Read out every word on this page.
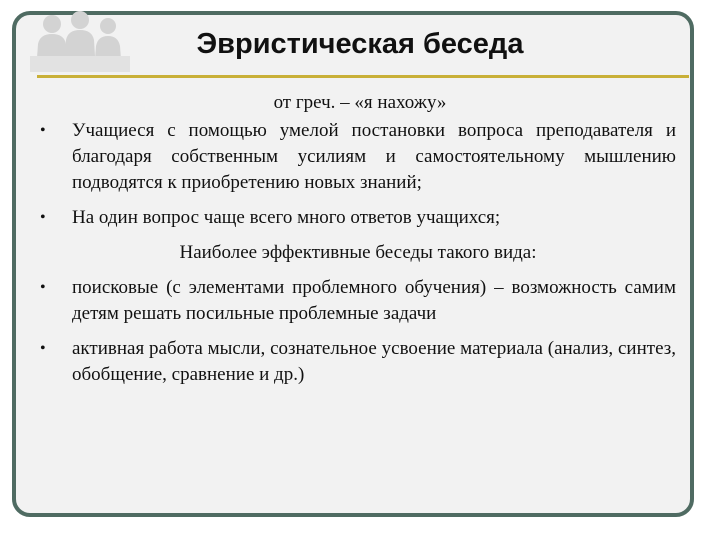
Эвристическая беседа
от греч. – «я нахожу»
•	Учащиеся с помощью умелой постановки вопроса преподавателя и благодаря собственным усилиям и самостоятельному мышлению подводятся к приобретению новых знаний;
•	На один вопрос чаще всего много ответов учащихся;
Наиболее эффективные беседы такого вида:
•	поисковые (с элементами проблемного обучения) – возможность самим детям решать посильные проблемные задачи
•	активная работа мысли, сознательное усвоение материала (анализ, синтез, обобщение, сравнение и др.)
